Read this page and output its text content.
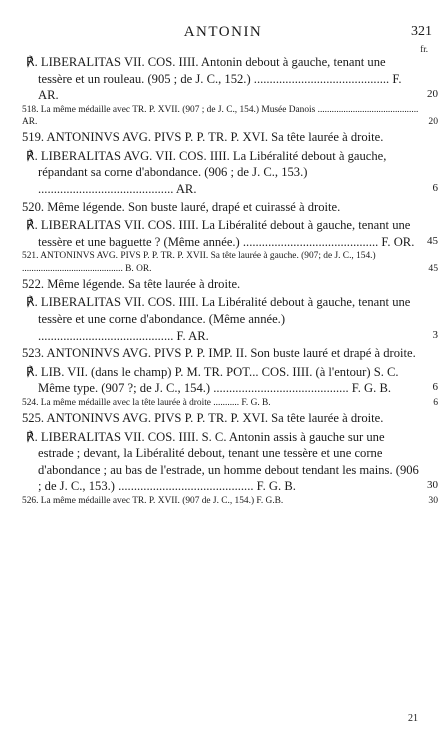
ANTONIN	321
fr.

℟. LIBERALITAS VII. COS. IIII. Antonin debout à gauche, tenant une tessère et un rouleau. (905 ; de J. C., 152.) ........................................... F. AR.	20

518. La même médaille avec TR. P. XVII. (907 ; de J. C., 154.) Musée Danois ........................................... AR.	20

519. ANTONINVS AVG. PIVS P. P. TR. P. XVI. Sa tête laurée à droite.

℟. LIBERALITAS AVG. VII. COS. IIII. La Libéralité debout à gauche, répandant sa corne d'abondance. (906 ; de J. C., 153.) ........................................... AR.	6

520. Même légende. Son buste lauré, drapé et cuirassé à droite.

℟. LIBERALITAS VII. COS. IIII. La Libéralité debout à gauche, tenant une tessère et une baguette ? (Même année.) ........................................... F. OR.	45

521. ANTONINVS AVG. PIVS P. P. TR. P. XVII. Sa tête laurée à gauche. (907; de J. C., 154.) ........................................... B. OR.	45

522. Même légende. Sa tête laurée à droite.

℟. LIBERALITAS VII. COS. IIII. La Libéralité debout à gauche, tenant une tessère et une corne d'abondance. (Même année.) ........................................... F. AR.	3

523. ANTONINVS AVG. PIVS P. P. IMP. II. Son buste lauré et drapé à droite.

℟. LIB. VII. (dans le champ) P. M. TR. POT... COS. IIII. (à l'entour) S. C. Même type. (907 ?; de J. C., 154.) ........................................... F. G. B.	6

524. La même médaille avec la tête laurée à droite ........... F. G. B.	6

525. ANTONINVS AVG. PIVS P. P. TR. P. XVI. Sa tête laurée à droite.

℟. LIBERALITAS VII. COS. IIII. S. C. Antonin assis à gauche sur une estrade ; devant, la Libéralité debout, tenant une tessère et une corne d'abondance ; au bas de l'estrade, un homme debout tendant les mains. (906 ; de J. C., 153.) ........................................... F. G. B.	30

526. La même médaille avec TR. P. XVII. (907 de J. C., 154.) F. G.B.	30
21
